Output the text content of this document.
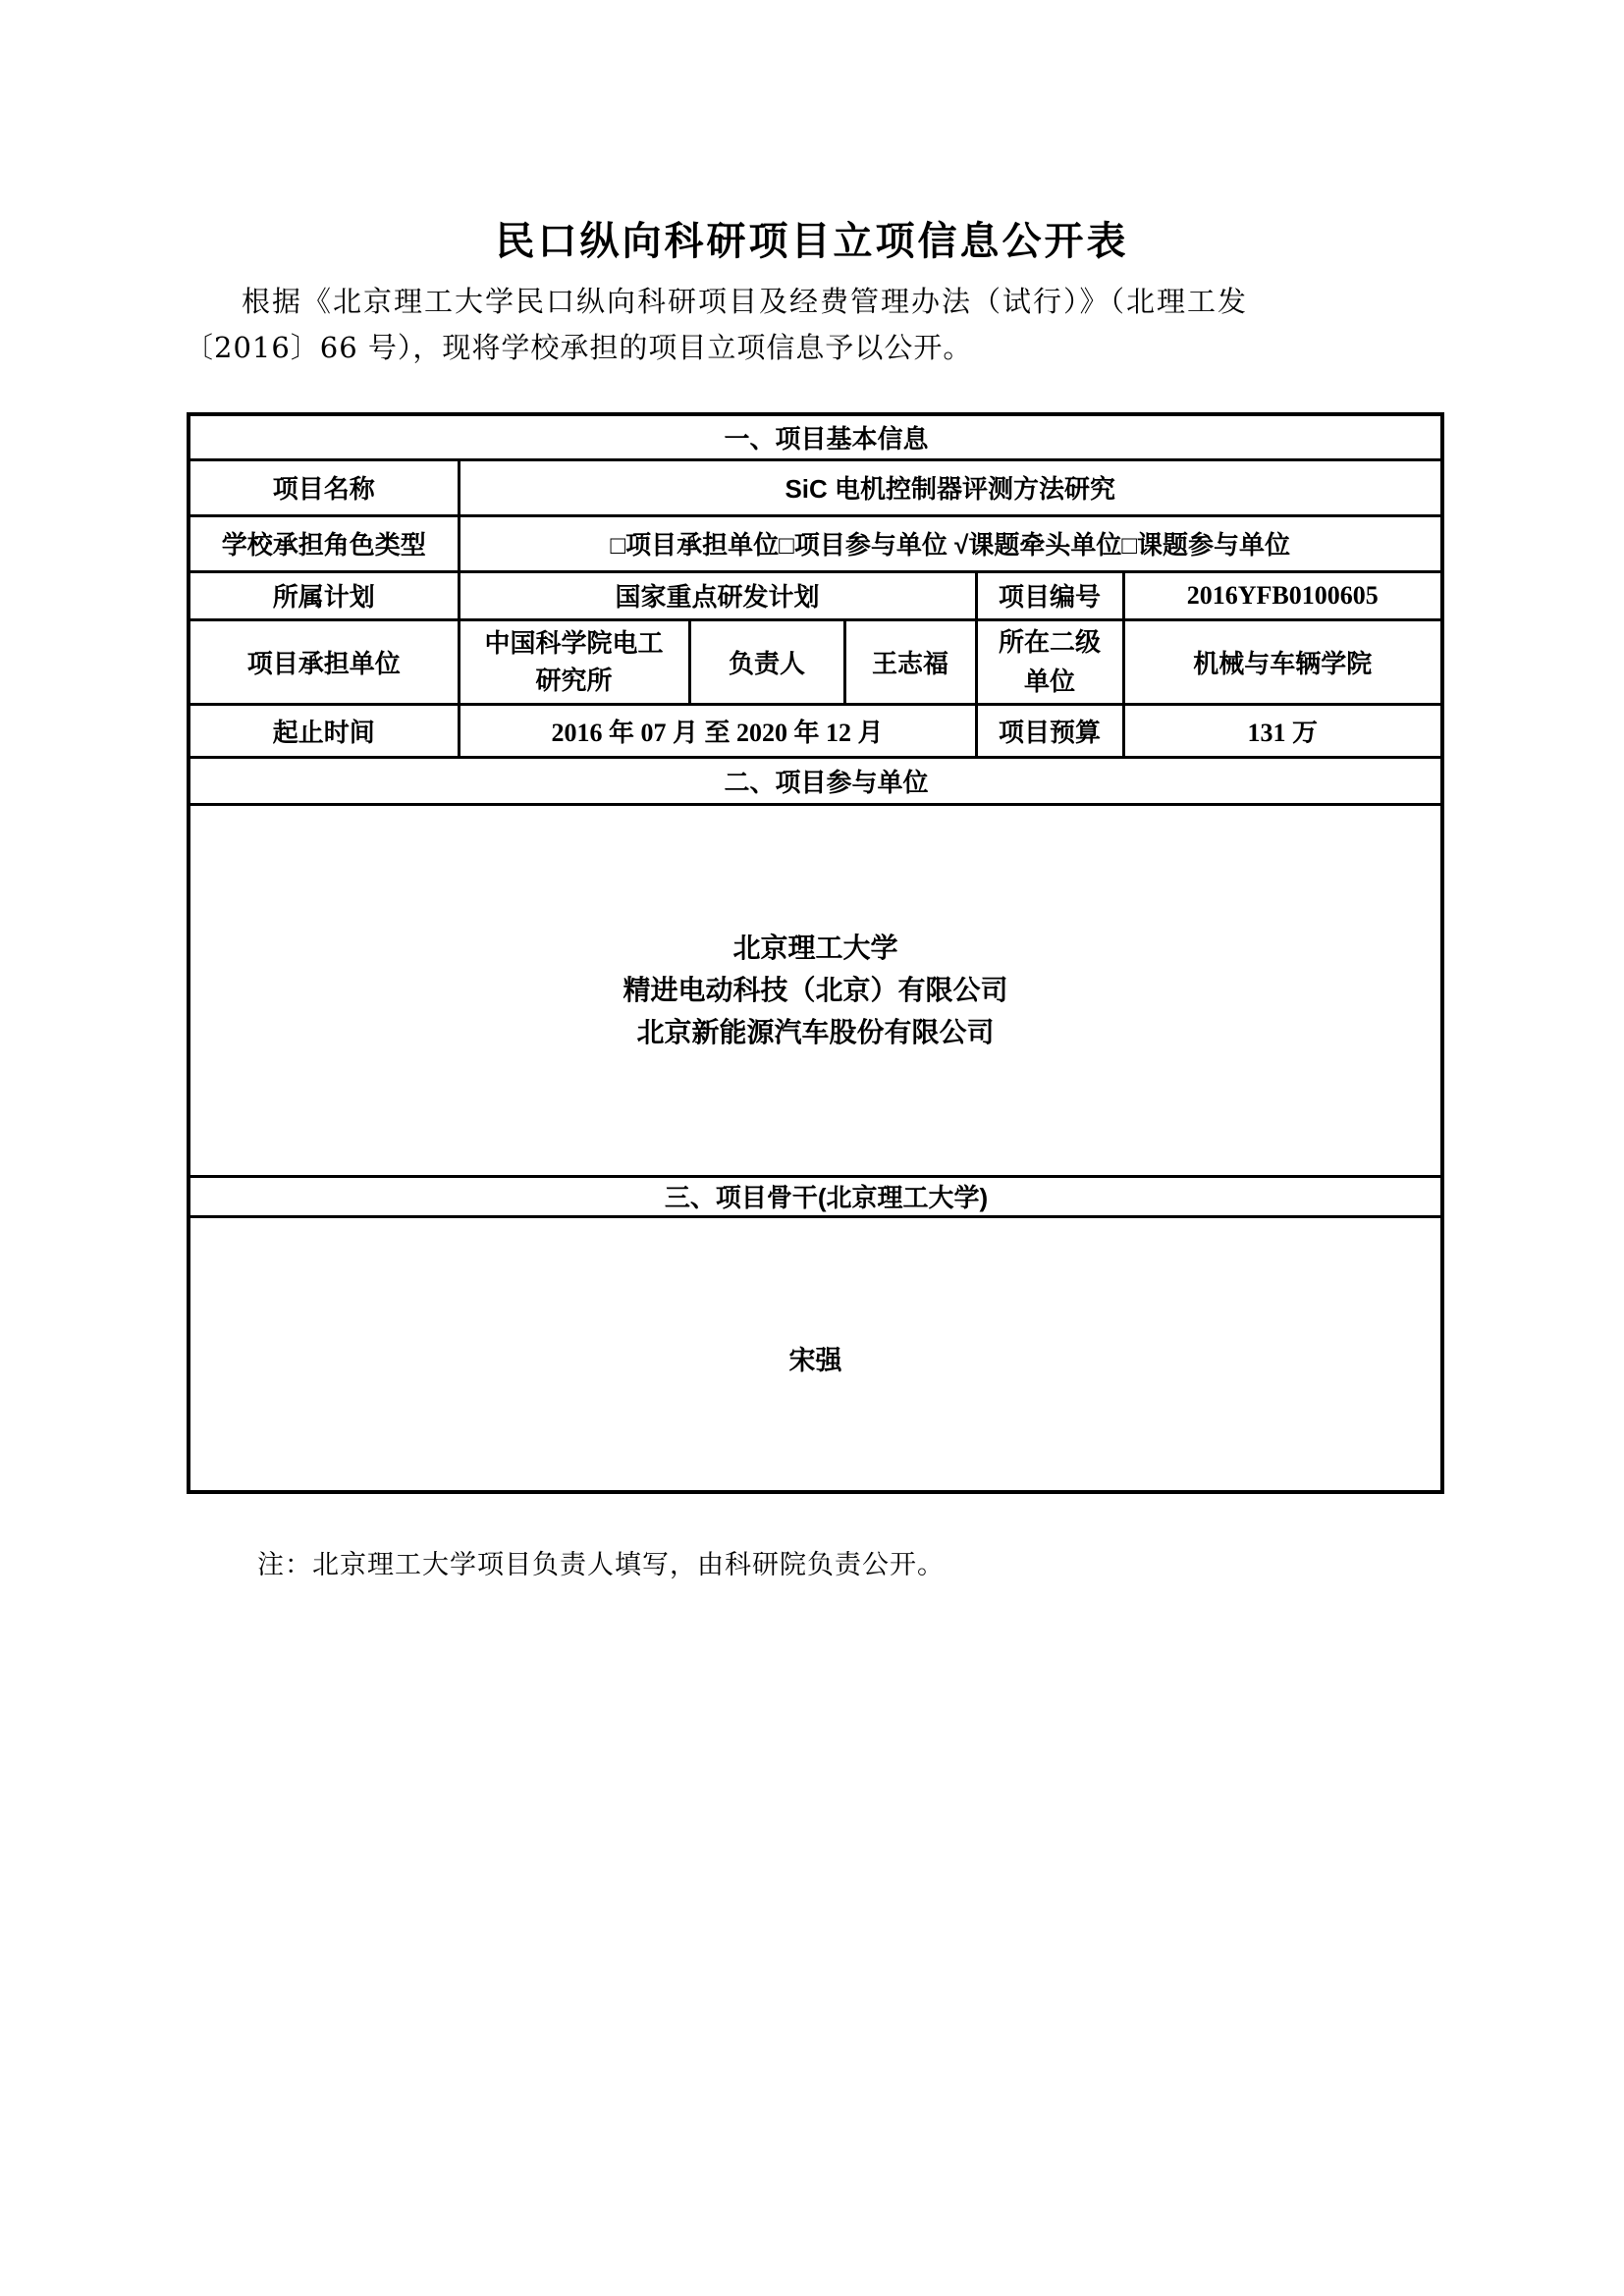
民口纵向科研项目立项信息公开表
根据《北京理工大学民口纵向科研项目及经费管理办法（试行）》（北理工发
〔2016〕66 号），现将学校承担的项目立项信息予以公开。
一、项目基本信息					
项目名称	SiC 电机控制器评测方法研究				
学校承担角色类型	□项目承担单位□项目参与单位 √课题牵头单位□课题参与单位				
所属计划	国家重点研发计划			项目编号	2016YFB0100605
项目承担单位	中国科学院电工研究所	负责人	王志福	所在二级单位	机械与车辆学院
起止时间	2016 年 07 月 至 2020 年 12 月			项目预算	131 万
二、项目参与单位					

北京理工大学
精进电动科技（北京）有限公司
北京新能源汽车股份有限公司					

三、项目骨干(北京理工大学)					

宋强					
注：北京理工大学项目负责人填写，由科研院负责公开。
